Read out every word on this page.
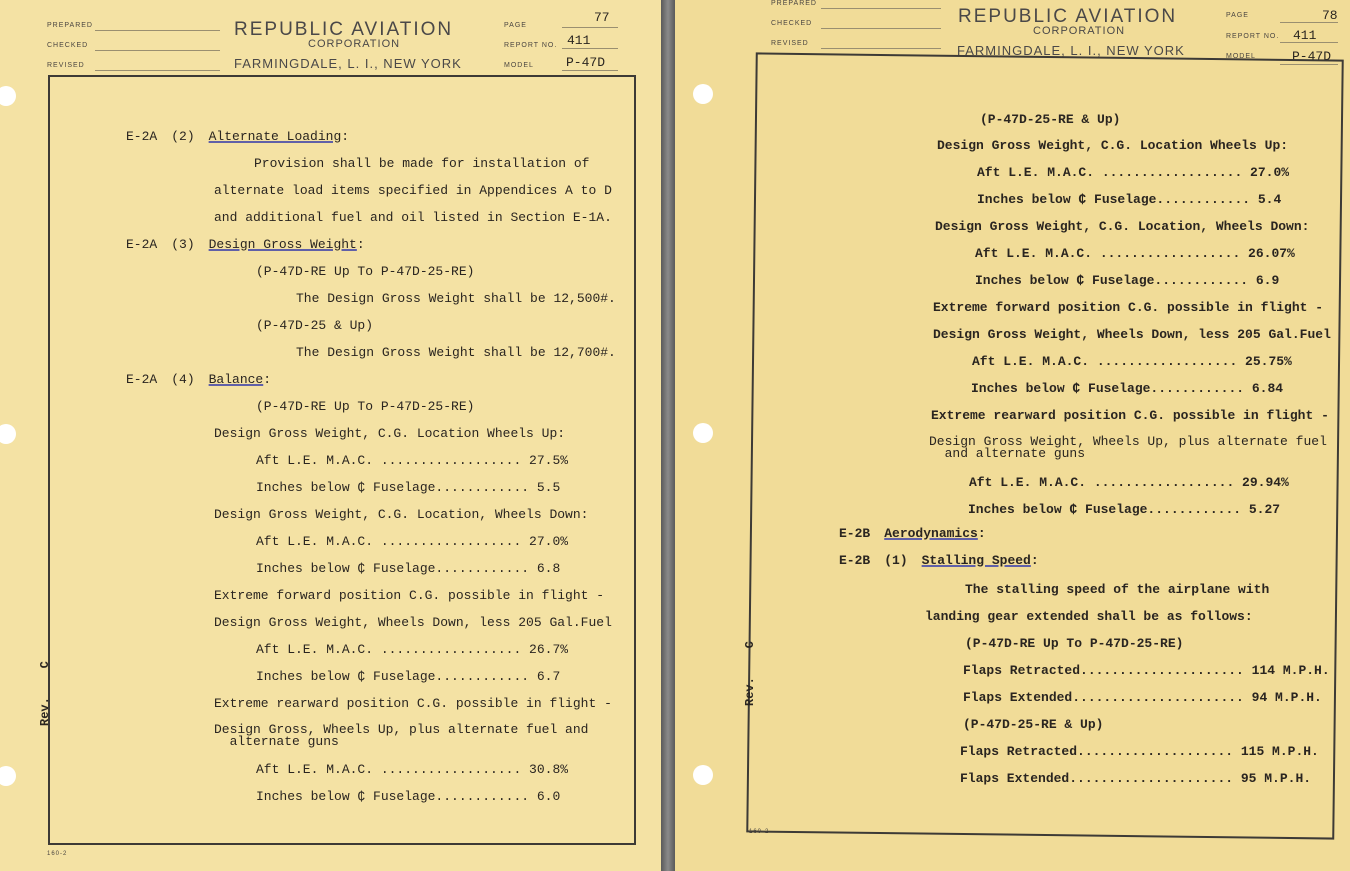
PREPARED
CHECKED
REVISED
REPUBLIC AVIATION
CORPORATION
FARMINGDALE, L. I., NEW YORK
PAGE
REPORT NO.
MODEL
77
411
P-47D
E-2A (2) Alternate Loading:
Provision shall be made for installation of
alternate load items specified in Appendices A to D
and additional fuel and oil listed in Section E-1A.
E-2A (3) Design Gross Weight:
(P-47D-RE Up To P-47D-25-RE)
The Design Gross Weight shall be 12,500#.
(P-47D-25 & Up)
The Design Gross Weight shall be 12,700#.
E-2A (4) Balance:
(P-47D-RE Up To P-47D-25-RE)
Design Gross Weight, C.G. Location Wheels Up:
Aft L.E. M.A.C. .................. 27.5%
Inches below ₵ Fuselage............ 5.5
Design Gross Weight, C.G. Location, Wheels Down:
Aft L.E. M.A.C. .................. 27.0%
Inches below ₵ Fuselage............ 6.8
Extreme forward position C.G. possible in flight -
Design Gross Weight, Wheels Down, less 205 Gal.Fuel
Aft L.E. M.A.C. .................. 26.7%
Inches below ₵ Fuselage............ 6.7
Extreme rearward position C.G. possible in flight -
Design Gross, Wheels Up, plus alternate fuel and
alternate guns
Aft L.E. M.A.C. .................. 30.8%
Inches below ₵ Fuselage............ 6.0
Rev.    C
160-2
PREPARED
CHECKED
REVISED
REPUBLIC AVIATION
CORPORATION
FARMINGDALE, L. I., NEW YORK
PAGE
REPORT NO.
MODEL
78
411
P-47D
(P-47D-25-RE & Up)
Design Gross Weight, C.G. Location Wheels Up:
Aft L.E. M.A.C. .................. 27.0%
Inches below ₵ Fuselage............ 5.4
Design Gross Weight, C.G. Location, Wheels Down:
Aft L.E. M.A.C. .................. 26.07%
Inches below ₵ Fuselage............ 6.9
Extreme forward position C.G. possible in flight -
Design Gross Weight, Wheels Down, less 205 Gal.Fuel
Aft L.E. M.A.C. .................. 25.75%
Inches below ₵ Fuselage............ 6.84
Extreme rearward position C.G. possible in flight -
Design Gross Weight, Wheels Up, plus alternate fuel
and alternate guns
Aft L.E. M.A.C. .................. 29.94%
Inches below ₵ Fuselage............ 5.27
E-2B Aerodynamics:
E-2B (1) Stalling Speed:
The stalling speed of the airplane with
landing gear extended shall be as follows:
(P-47D-RE Up To P-47D-25-RE)
Flaps Retracted..................... 114 M.P.H.
Flaps Extended...................... 94 M.P.H.
(P-47D-25-RE & Up)
Flaps Retracted.................... 115 M.P.H.
Flaps Extended..................... 95 M.P.H.
Rev.    C
160-2
